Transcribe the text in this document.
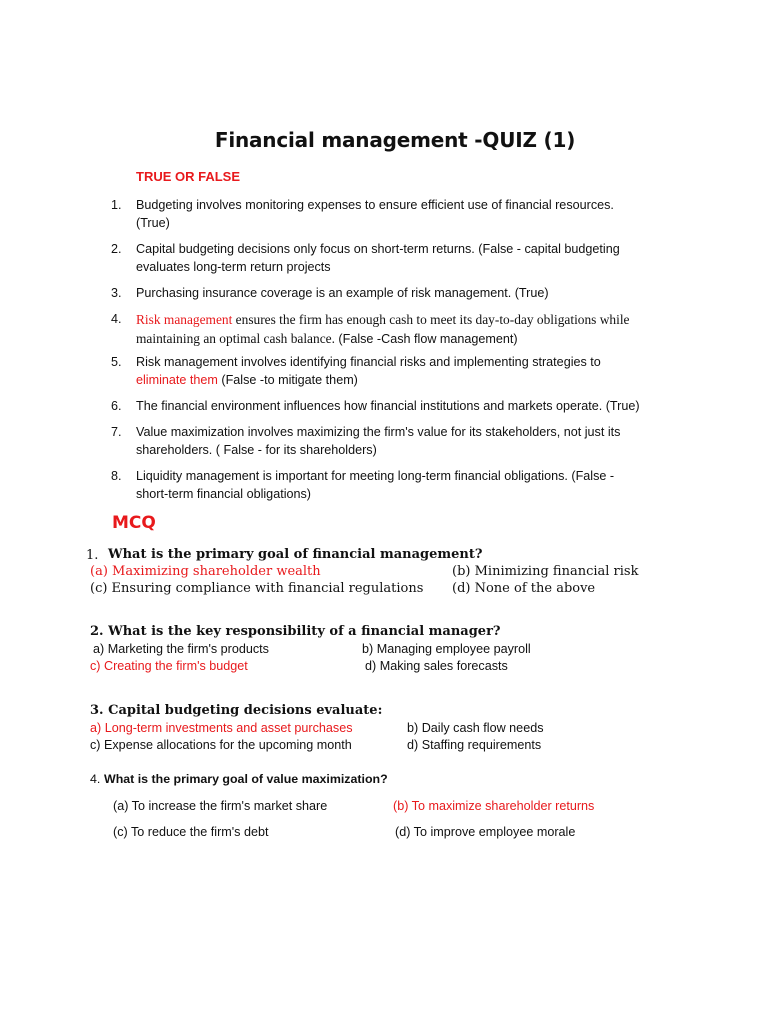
Financial management -QUIZ (1)
TRUE OR FALSE
1. Budgeting involves monitoring expenses to ensure efficient use of financial resources.
(True)
2. Capital budgeting decisions only focus on short-term returns. (False - capital budgeting
evaluates long-term return projects
3. Purchasing insurance coverage is an example of risk management. (True)
4. Risk management ensures the firm has enough cash to meet its day-to-day obligations while
maintaining an optimal cash balance. (False -Cash flow management)
5. Risk management involves identifying financial risks and implementing strategies to
eliminate them (False -to mitigate them)
6. The financial environment influences how financial institutions and markets operate. (True)
7. Value maximization involves maximizing the firm's value for its stakeholders, not just its
shareholders. ( False - for its shareholders)
8. Liquidity management is important for meeting long-term financial obligations. (False -
short-term financial obligations)
MCQ
1. What is the primary goal of financial management?
(a) Maximizing shareholder wealth	(b) Minimizing financial risk
(c) Ensuring compliance with financial regulations (d) None of the above
2. What is the key responsibility of a financial manager?
a) Marketing the firm's products	b) Managing employee payroll
c) Creating the firm's budget	d) Making sales forecasts
3. Capital budgeting decisions evaluate:
a) Long-term investments and asset purchases	b) Daily cash flow needs
c) Expense allocations for the upcoming month	d) Staffing requirements
4. What is the primary goal of value maximization?
(a) To increase the firm's market share	(b) To maximize shareholder returns
(c) To reduce the firm's debt	(d) To improve employee morale
